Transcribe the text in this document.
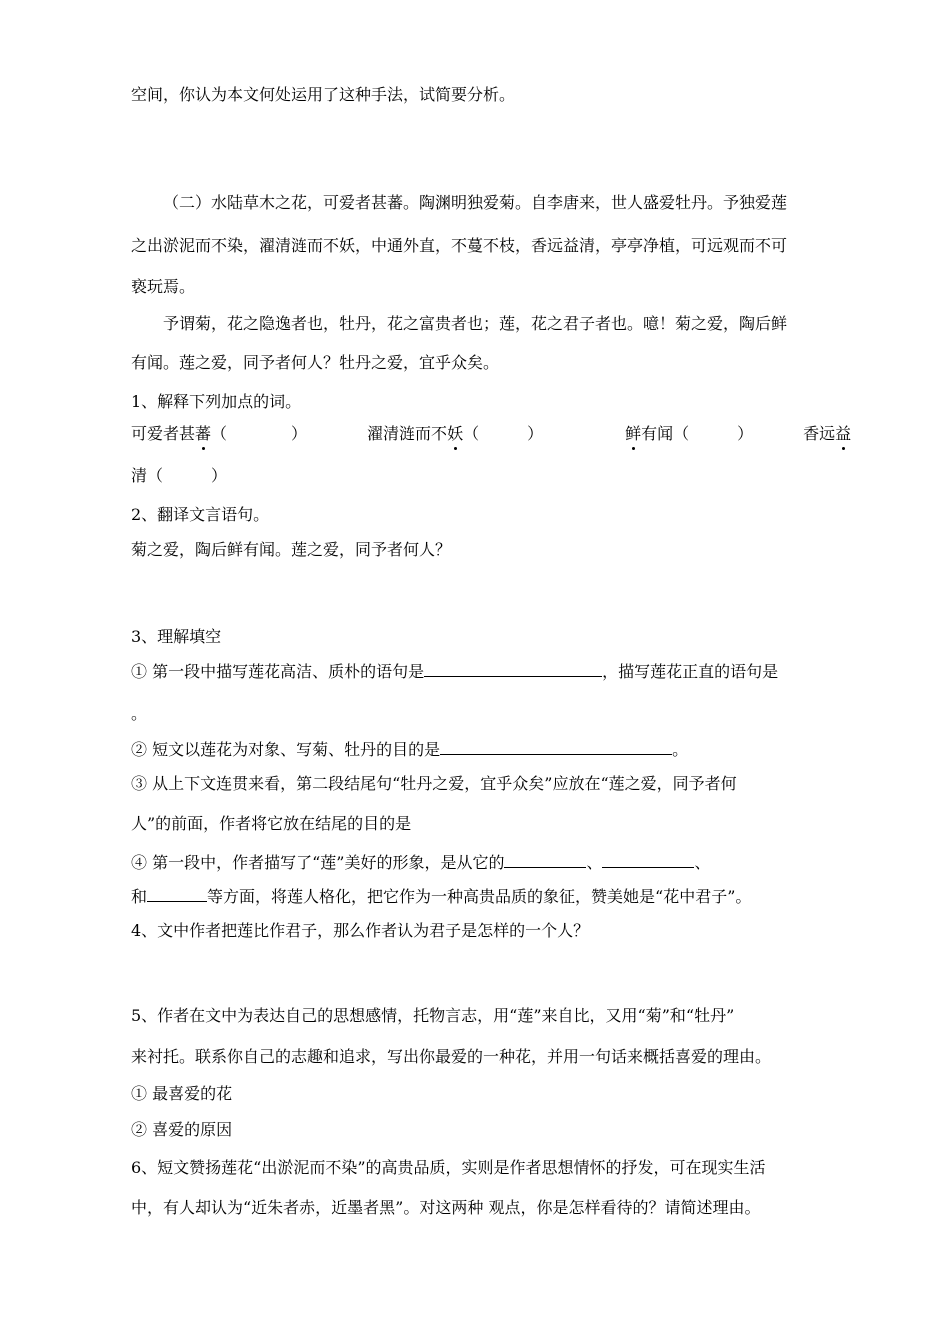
空间，你认为本文何处运用了这种手法，试简要分析。
（二）水陆草木之花，可爱者甚蕃。陶渊明独爱菊。自李唐来，世人盛爱牡丹。予独爱莲
之出淤泥而不染，濯清涟而不妖，中通外直，不蔓不枝，香远益清，亭亭净植，可远观而不可
亵玩焉。
予谓菊，花之隐逸者也，牡丹，花之富贵者也；莲，花之君子者也。噫！菊之爱，陶后鲜
有闻。莲之爱，同予者何人？牡丹之爱，宜乎众矣。
1、解释下列加点的词。
可爱者甚蕃（　　　　）	濯清涟而不妖（　　　）	鲜有闻（　　　）	香远益
清（　　　）
2、翻译文言语句。
菊之爱，陶后鲜有闻。莲之爱，同予者何人？
3、理解填空
① 第一段中描写莲花高洁、质朴的语句是	，描写莲花正直的语句是
。
② 短文以莲花为对象、写菊、牡丹的目的是	。
③ 从上下文连贯来看，第二段结尾句“牡丹之爱，宜乎众矣”应放在“莲之爱，同予者何
人”的前面，作者将它放在结尾的目的是
④ 第一段中，作者描写了“莲”美好的形象，是从它的	、	、
和	等方面，将莲人格化，把它作为一种高贵品质的象征，赞美她是“花中君子”。
4、文中作者把莲比作君子，那么作者认为君子是怎样的一个人？
5、作者在文中为表达自己的思想感情，托物言志，用“莲”来自比，又用“菊”和“牡丹”
来衬托。联系你自己的志趣和追求，写出你最爱的一种花，并用一句话来概括喜爱的理由。
① 最喜爱的花
② 喜爱的原因
6、短文赞扬莲花“出淤泥而不染”的高贵品质，实则是作者思想情怀的抒发，可在现实生活
中，有人却认为“近朱者赤，近墨者黑”。对这两种 观点，你是怎样看待的？请简述理由。
